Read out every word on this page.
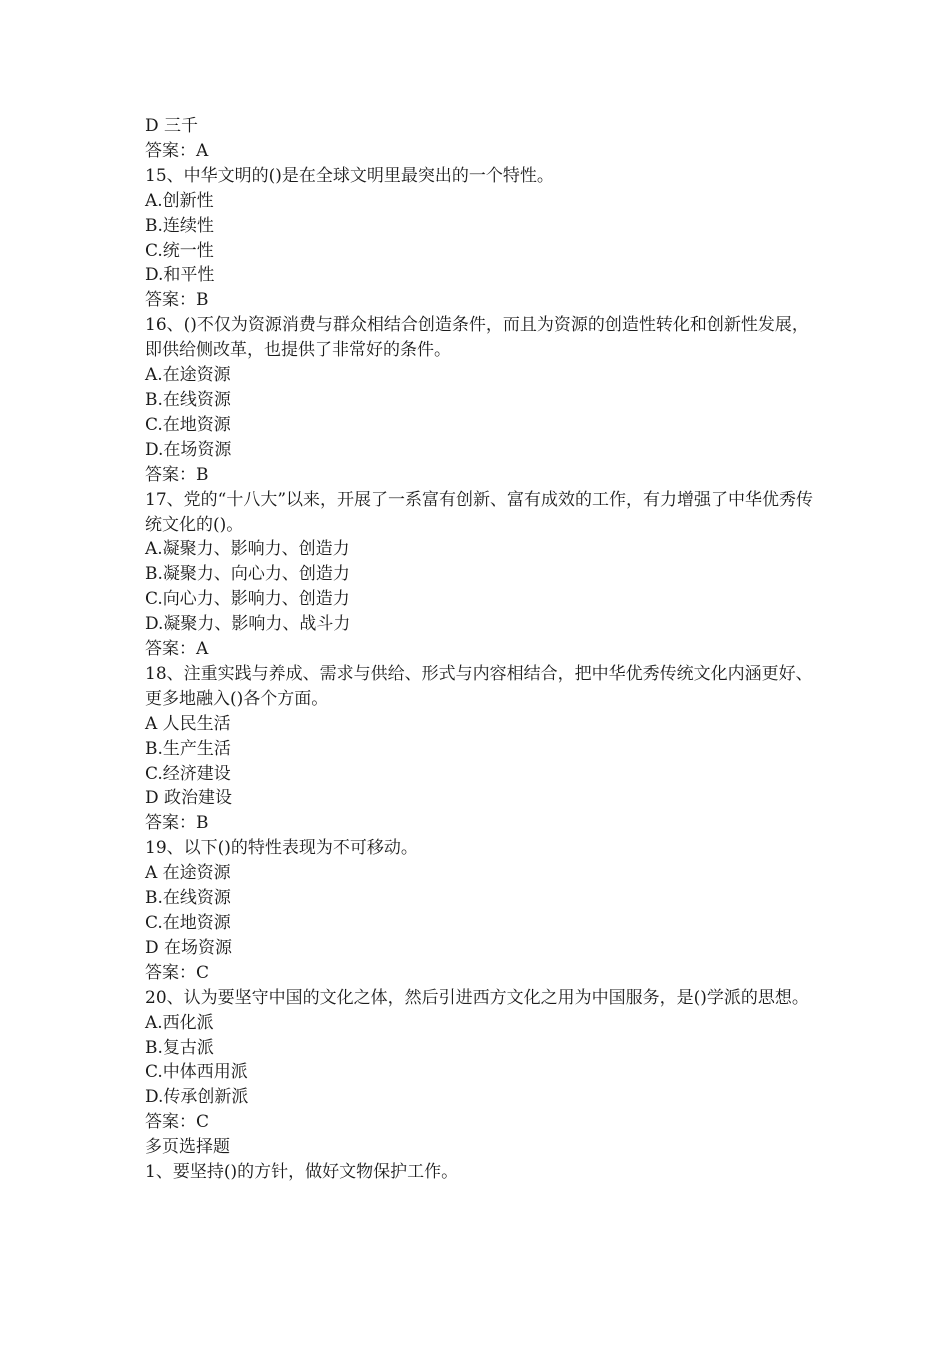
D 三千

答案：A

15、中华文明的()是在全球文明里最突出的一个特性。

A.创新性

B.连续性

C.统一性

D.和平性

答案：B

16、()不仅为资源消费与群众相结合创造条件，而且为资源的创造性转化和创新性发展，即供给侧改革，也提供了非常好的条件。

A.在途资源

B.在线资源

C.在地资源

D.在场资源

答案：B

17、党的“十八大”以来，开展了一系富有创新、富有成效的工作，有力增强了中华优秀传统文化的()。

A.凝聚力、影响力、创造力

B.凝聚力、向心力、创造力

C.向心力、影响力、创造力

D.凝聚力、影响力、战斗力

答案：A

18、注重实践与养成、需求与供给、形式与内容相结合，把中华优秀传统文化内涵更好、更多地融入()各个方面。

A 人民生活

B.生产生活

C.经济建设

D 政治建设

答案：B

19、以下()的特性表现为不可移动。

A 在途资源

B.在线资源

C.在地资源

D 在场资源

答案：C

20、认为要坚守中国的文化之体，然后引进西方文化之用为中国服务，是()学派的思想。

A.西化派

B.复古派

C.中体西用派

D.传承创新派

答案：C

多页选择题

1、要坚持()的方针，做好文物保护工作。
